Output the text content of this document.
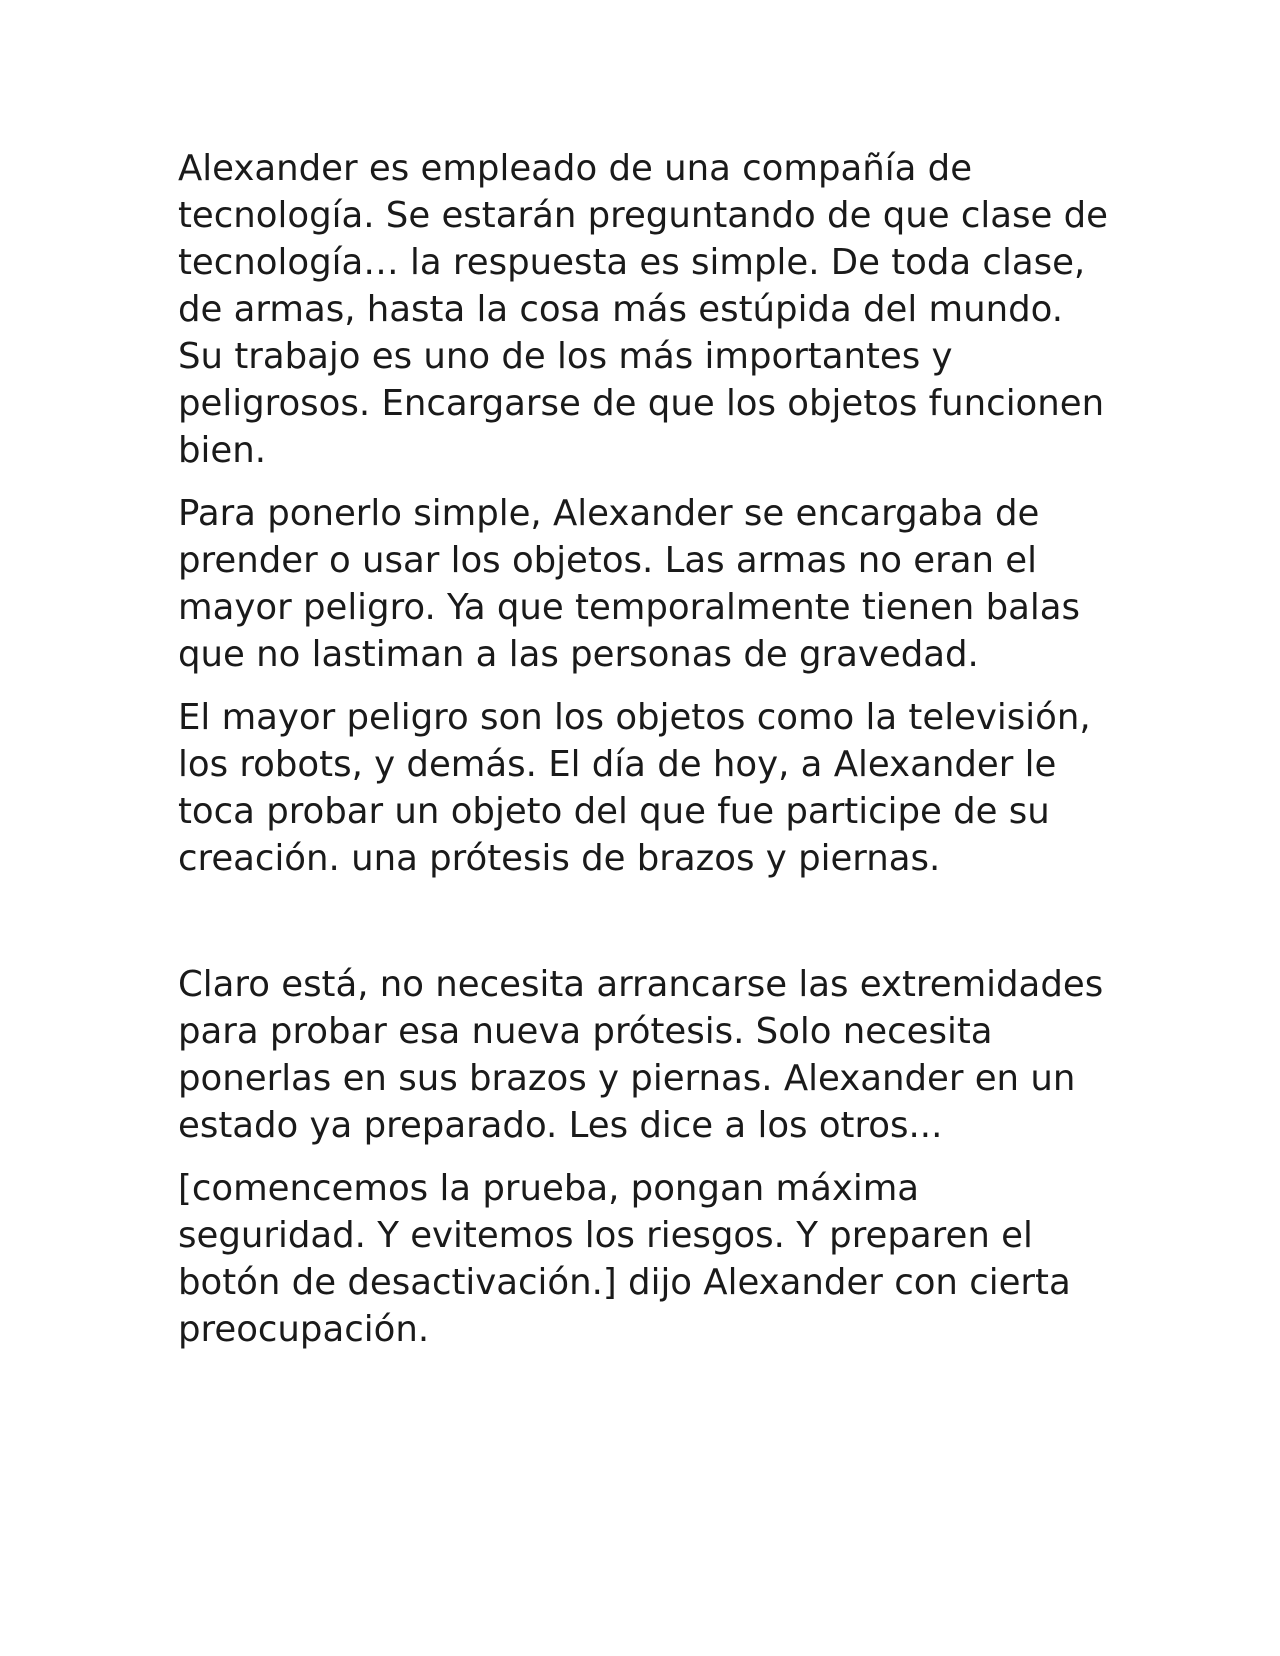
Alexander es empleado de una compañía de tecnología. Se estarán preguntando de que clase de tecnología… la respuesta es simple. De toda clase, de armas, hasta la cosa más estúpida del mundo. Su trabajo es uno de los más importantes y peligrosos. Encargarse de que los objetos funcionen bien.

Para ponerlo simple, Alexander se encargaba de prender o usar los objetos. Las armas no eran el mayor peligro. Ya que temporalmente tienen balas que no lastiman a las personas de gravedad.

El mayor peligro son los objetos como la televisión, los robots, y demás. El día de hoy, a Alexander le toca probar un objeto del que fue participe de su creación. una prótesis de brazos y piernas.

Claro está, no necesita arrancarse las extremidades para probar esa nueva prótesis. Solo necesita ponerlas en sus brazos y piernas. Alexander en un estado ya preparado. Les dice a los otros...

[comencemos la prueba, pongan máxima seguridad. Y evitemos los riesgos. Y preparen el botón de desactivación.] dijo Alexander con cierta preocupación.
